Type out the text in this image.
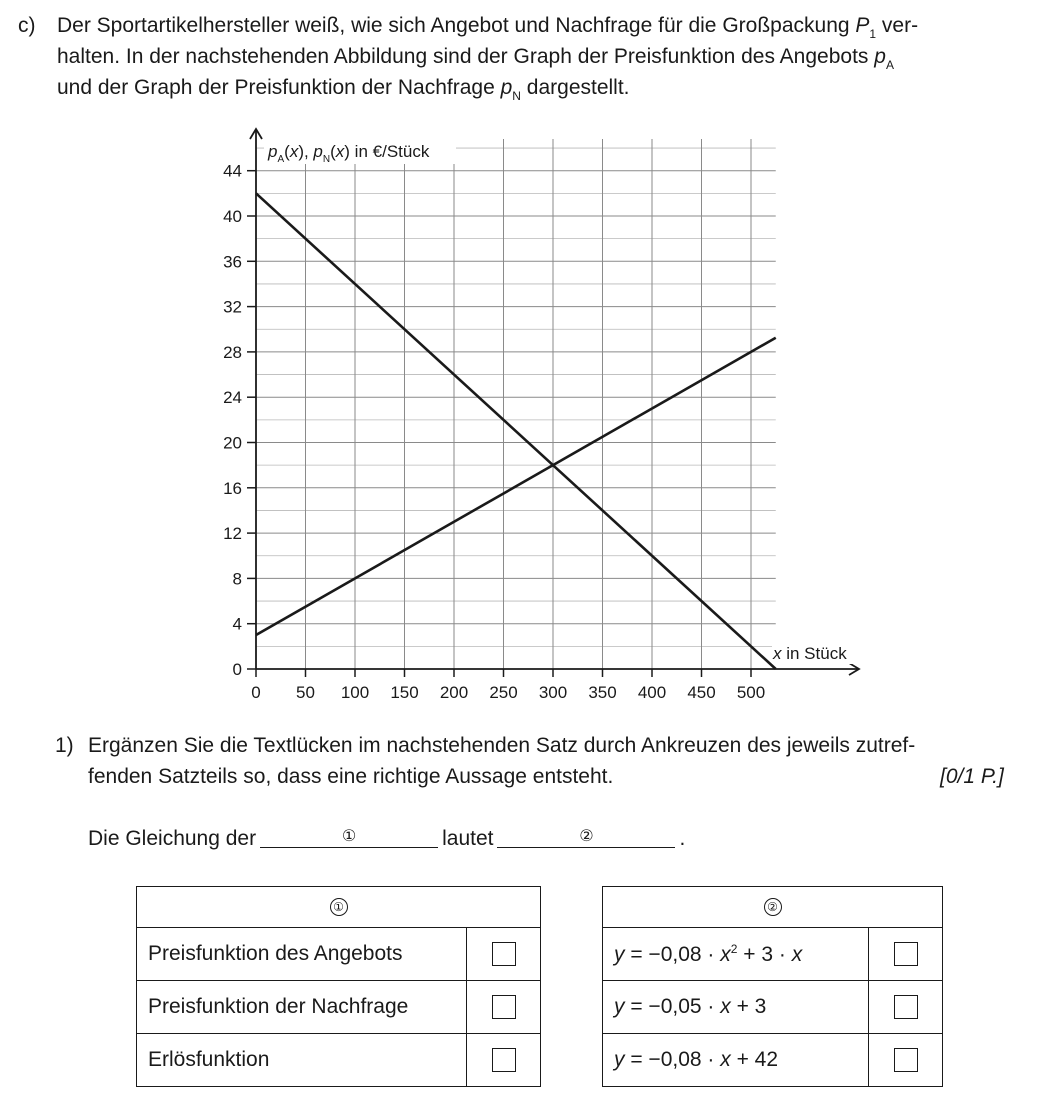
c) Der Sportartikelhersteller weiß, wie sich Angebot und Nachfrage für die Großpackung $P_1$ ver-
halten. In der nachstehenden Abbildung sind der Graph der Preisfunktion des Angebots $p_A$
und der Graph der Preisfunktion der Nachfrage $p_N$ dargestellt.
0
4
8
12
16
20
24
28
32
36
40
44
0 50 100 150 200 250 300 350 400 450 500
$p_A(x)$, $p_N(x)$ in €/Stück
x in Stück
1) Ergänzen Sie die Textlücken im nachstehenden Satz durch Ankreuzen des jeweils zutref-
fenden Satzteils so, dass eine richtige Aussage entsteht.	[0/1 P.]
Die Gleichung der	①	lautet	②	.
①	
Preisfunktion des Angebots	
Preisfunktion der Nachfrage	
Erlösfunktion	
②	
$y = -0,08 \cdot x^2 + 3 \cdot x$	
y = −0,05 · x + 3	
y = −0,08 · x + 42	
